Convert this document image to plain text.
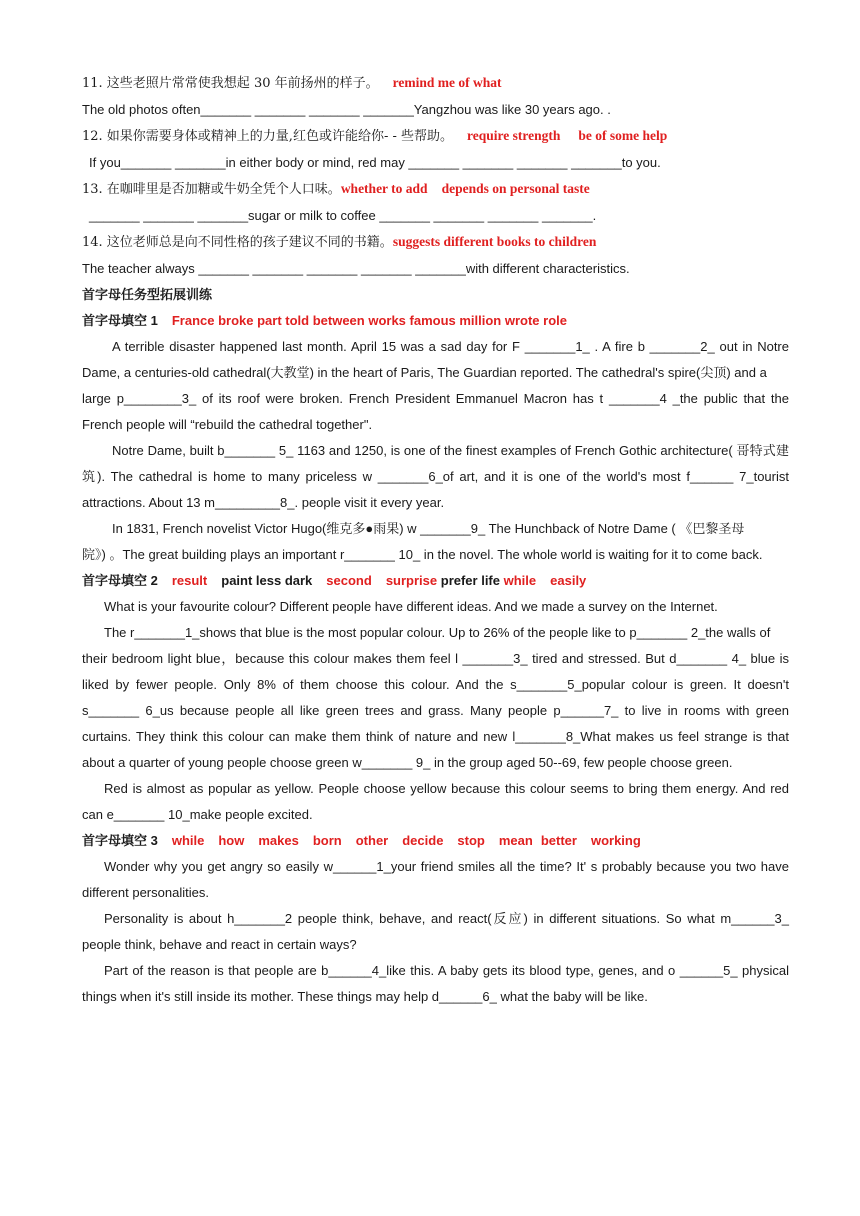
11. 这些老照片常常使我想起 30 年前扬州的样子。 remind me of what
The old photos often_______ _______ _______ _______Yangzhou was like 30 years ago. .
12. 如果你需要身体或精神上的力量,红色或许能给你- - 些帮助。 require strength be of some help
If you_______ _______in either body or mind, red may _______ _______ _______ _______to you.
13. 在咖啡里是否加糖或牛奶全凭个人口味。whether to add depends on personal taste
_______ _______ _______sugar or milk to coffee _______ _______ _______ _______.
14. 这位老师总是向不同性格的孩子建议不同的书籍。suggests different books to children
The teacher always _______ _______ _______ _______ _______with different characteristics.
首字母任务型拓展训练
首字母填空 1 France broke part told between works famous million wrote role

A terrible disaster happened last month. April 15 was a sad day for F _______1_ . A fire b _______2_ out in Notre Dame, a centuries-old cathedral(大教堂) in the heart of Paris, The Guardian reported. The cathedral's spire(尖顶) and a

large p________3_ of its roof were broken. French President Emmanuel Macron has t _______4 _the public that the French people will “rebuild the cathedral together".

Notre Dame, built b_______ 5_ 1163 and 1250, is one of the finest examples of French Gothic architecture( 哥特式建筑). The cathedral is home to many priceless w _______6_of art, and it is one of the world's most f______ 7_tourist attractions. About 13 m_________8_. people visit it every year.

In 1831, French novelist Victor Hugo(维克多●雨果) w _______9_ The Hunchback of Notre Dame ( 《巴黎圣母

院》) 。The great building plays an important r_______ 10_ in the novel. The whole world is waiting for it to come back.

首字母填空 2 result paint less dark second surprise prefer life while easily

What is your favourite colour? Different people have different ideas. And we made a survey on the Internet.

The r_______1_shows that blue is the most popular colour. Up to 26% of the people like to p_______ 2_the walls of

their bedroom light blue，because this colour makes them feel l _______3_ tired and stressed. But d_______ 4_ blue is liked by fewer people. Only 8% of them choose this colour. And the s_______5_popular colour is green. It doesn't s_______ 6_us because people all like green trees and grass. Many people p______7_ to live in rooms with green curtains. They think this colour can make them think of nature and new l_______8_What makes us feel strange is that about a quarter of young people choose green w_______ 9_ in the group aged 50--69, few people choose green.

Red is almost as popular as yellow. People choose yellow because this colour seems to bring them energy. And red can e_______ 10_make people excited.

首字母填空 3 while how makes born other decide stop mean better working

Wonder why you get angry so easily w______1_your friend smiles all the time? It' s probably because you two have different personalities.

Personality is about h_______2 people think, behave, and react(反应) in different situations. So what m______3_ people think, behave and react in certain ways?

Part of the reason is that people are b______4_like this. A baby gets its blood type, genes, and o ______5_ physical things when it's still inside its mother. These things may help d______6_ what the baby will be like.
